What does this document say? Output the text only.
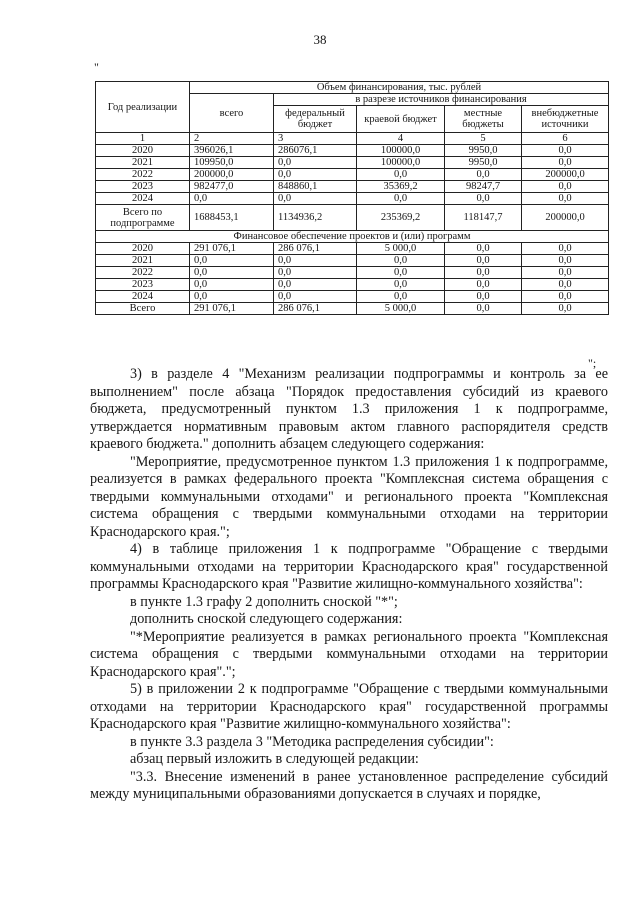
38
"
Год реализации	Объем финансирования, тыс. рублей				
	всего	в разрезе источников финансирования			
		федеральный бюджет	краевой бюджет	местные бюджеты	внебюджетные источники
1	2	3	4	5	6
2020	396026,1	286076,1	100000,0	9950,0	0,0
2021	109950,0	0,0	100000,0	9950,0	0,0
2022	200000,0	0,0	0,0	0,0	200000,0
2023	982477,0	848860,1	35369,2	98247,7	0,0
2024	0,0	0,0	0,0	0,0	0,0
Всего по подпрограмме	1688453,1	1134936,2	235369,2	118147,7	200000,0
Финансовое обеспечение проектов и (или) программ					
2020	291 076,1	286 076,1	5 000,0	0,0	0,0
2021	0,0	0,0	0,0	0,0	0,0
2022	0,0	0,0	0,0	0,0	0,0
2023	0,0	0,0	0,0	0,0	0,0
2024	0,0	0,0	0,0	0,0	0,0
Всего	291 076,1	286 076,1	5 000,0	0,0	0,0
";

3) в разделе 4 "Механизм реализации подпрограммы и контроль за ее выполнением" после абзаца "Порядок предоставления субсидий из краевого бюджета, предусмотренный пунктом 1.3 приложения 1 к подпрограмме, утверждается нормативным правовым актом главного распорядителя средств краевого бюджета." дополнить абзацем следующего содержания:

"Мероприятие, предусмотренное пунктом 1.3 приложения 1 к подпрограмме, реализуется в рамках федерального проекта "Комплексная система обращения с твердыми коммунальными отходами" и регионального проекта "Комплексная система обращения с твердыми коммунальными отходами на территории Краснодарского края.";

4) в таблице приложения 1 к подпрограмме "Обращение с твердыми коммунальными отходами на территории Краснодарского края" государственной программы Краснодарского края "Развитие жилищно-коммунального хозяйства":

в пункте 1.3 графу 2 дополнить сноской "*";

дополнить сноской следующего содержания:

"*Мероприятие реализуется в рамках регионального проекта "Комплексная система обращения с твердыми коммунальными отходами на территории Краснодарского края".";

5) в приложении 2 к подпрограмме "Обращение с твердыми коммунальными отходами на территории Краснодарского края" государственной программы Краснодарского края "Развитие жилищно-коммунального хозяйства":

в пункте 3.3 раздела 3 "Методика распределения субсидии":

абзац первый изложить в следующей редакции:

"3.3. Внесение изменений в ранее установленное распределение субсидий между муниципальными образованиями допускается в случаях и порядке,
